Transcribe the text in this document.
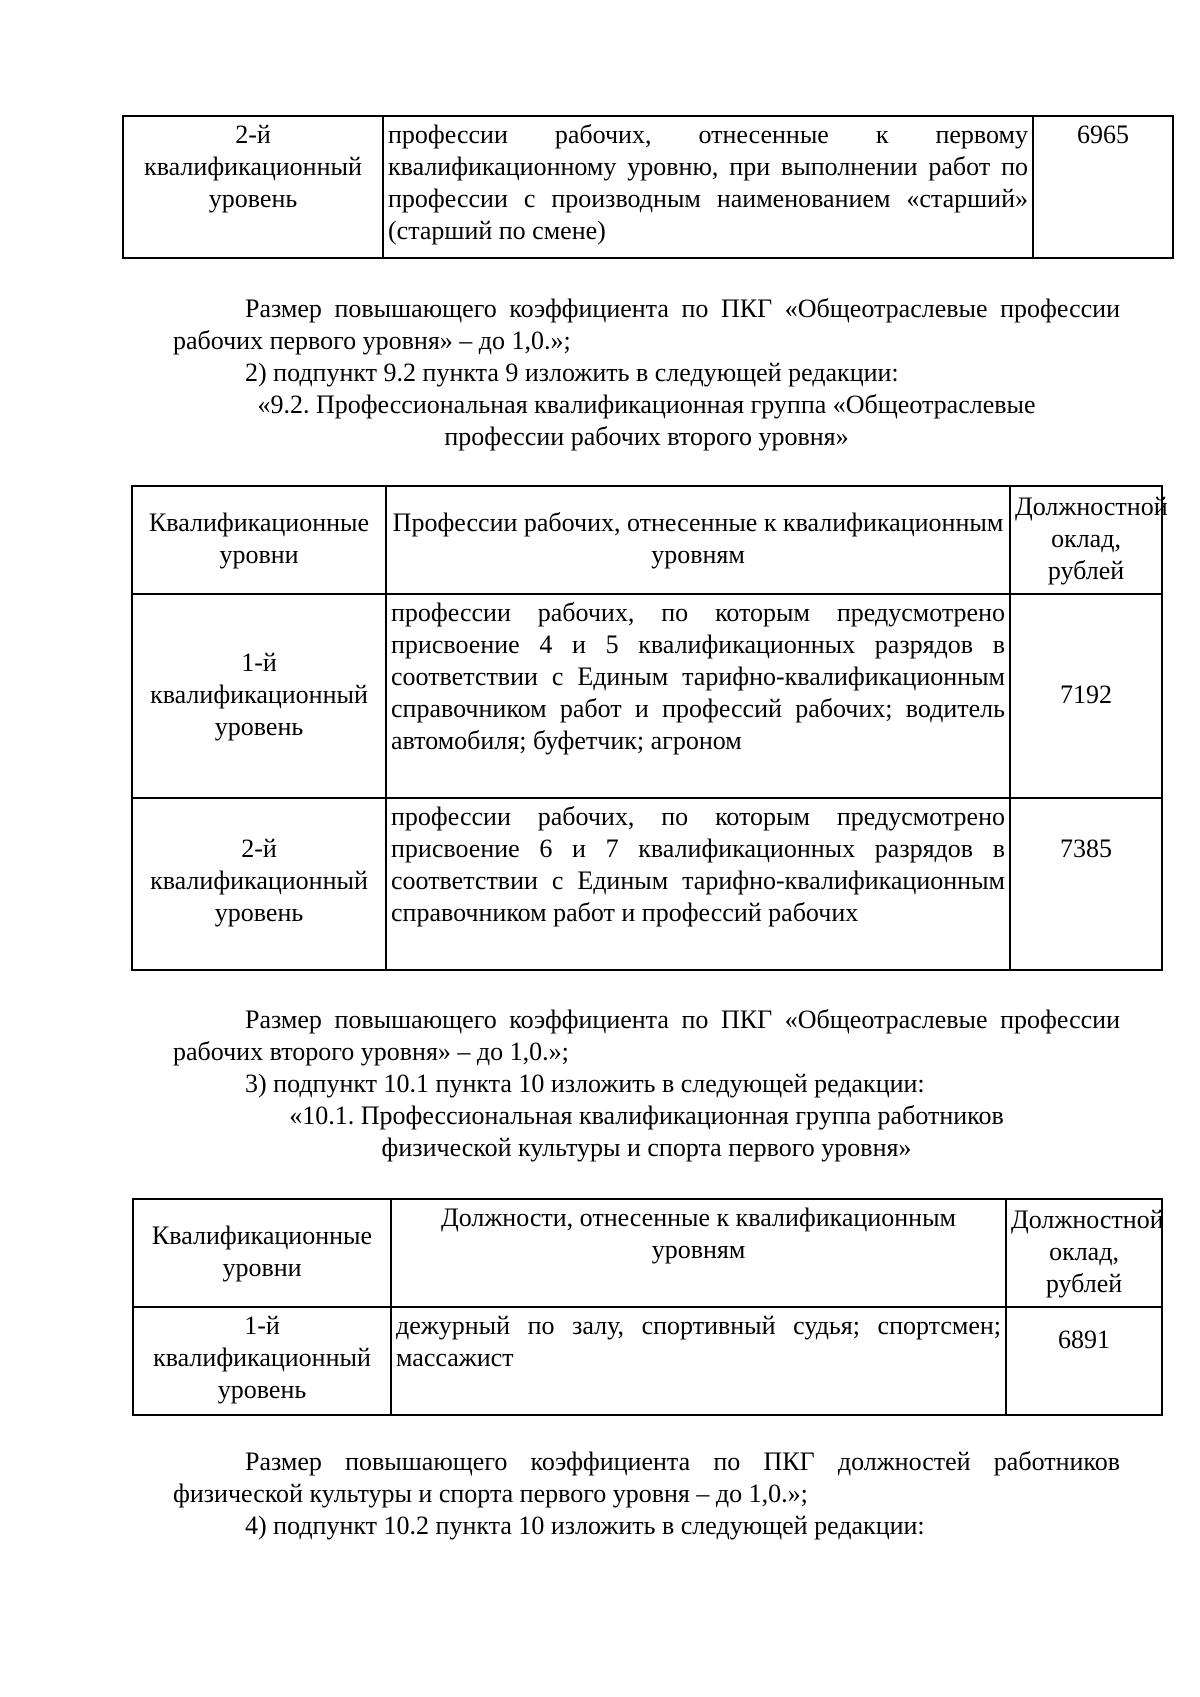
2-й квалификационный уровень	профессии рабочих, отнесенные к первому квалификационному уровню, при выполнении работ по профессии с производным наименованием «старший» (старший по смене)	6965

Размер повышающего коэффициента по ПКГ «Общеотраслевые профессии рабочих первого уровня» – до 1,0.»;

2) подпункт 9.2 пункта 9 изложить в следующей редакции:

«9.2. Профессиональная квалификационная группа «Общеотраслевые

профессии рабочих второго уровня»

Квалификационные уровни	Профессии рабочих, отнесенные к квалификационным уровням	Должностной оклад, рублей
1-й квалификационный уровень	профессии рабочих, по которым предусмотрено присвоение 4 и 5 квалификационных разрядов в соответствии с Единым тарифно-квалификационным справочником работ и профессий рабочих; водитель автомобиля; буфетчик; агроном	7192
2-й квалификационный уровень	профессии рабочих, по которым предусмотрено присвоение 6 и 7 квалификационных разрядов в соответствии с Единым тарифно-квалификационным справочником работ и профессий рабочих	7385

Размер повышающего коэффициента по ПКГ «Общеотраслевые профессии рабочих второго уровня» – до 1,0.»;

3) подпункт 10.1 пункта 10 изложить в следующей редакции:

«10.1. Профессиональная квалификационная группа работников

физической культуры и спорта первого уровня»

Квалификационные уровни	Должности, отнесенные к квалификационным уровням	Должностной оклад, рублей
1-й квалификационный уровень	дежурный по залу, спортивный судья; спортсмен; массажист	6891

Размер повышающего коэффициента по ПКГ должностей работников физической культуры и спорта первого уровня – до 1,0.»;

4) подпункт 10.2 пункта 10 изложить в следующей редакции:
